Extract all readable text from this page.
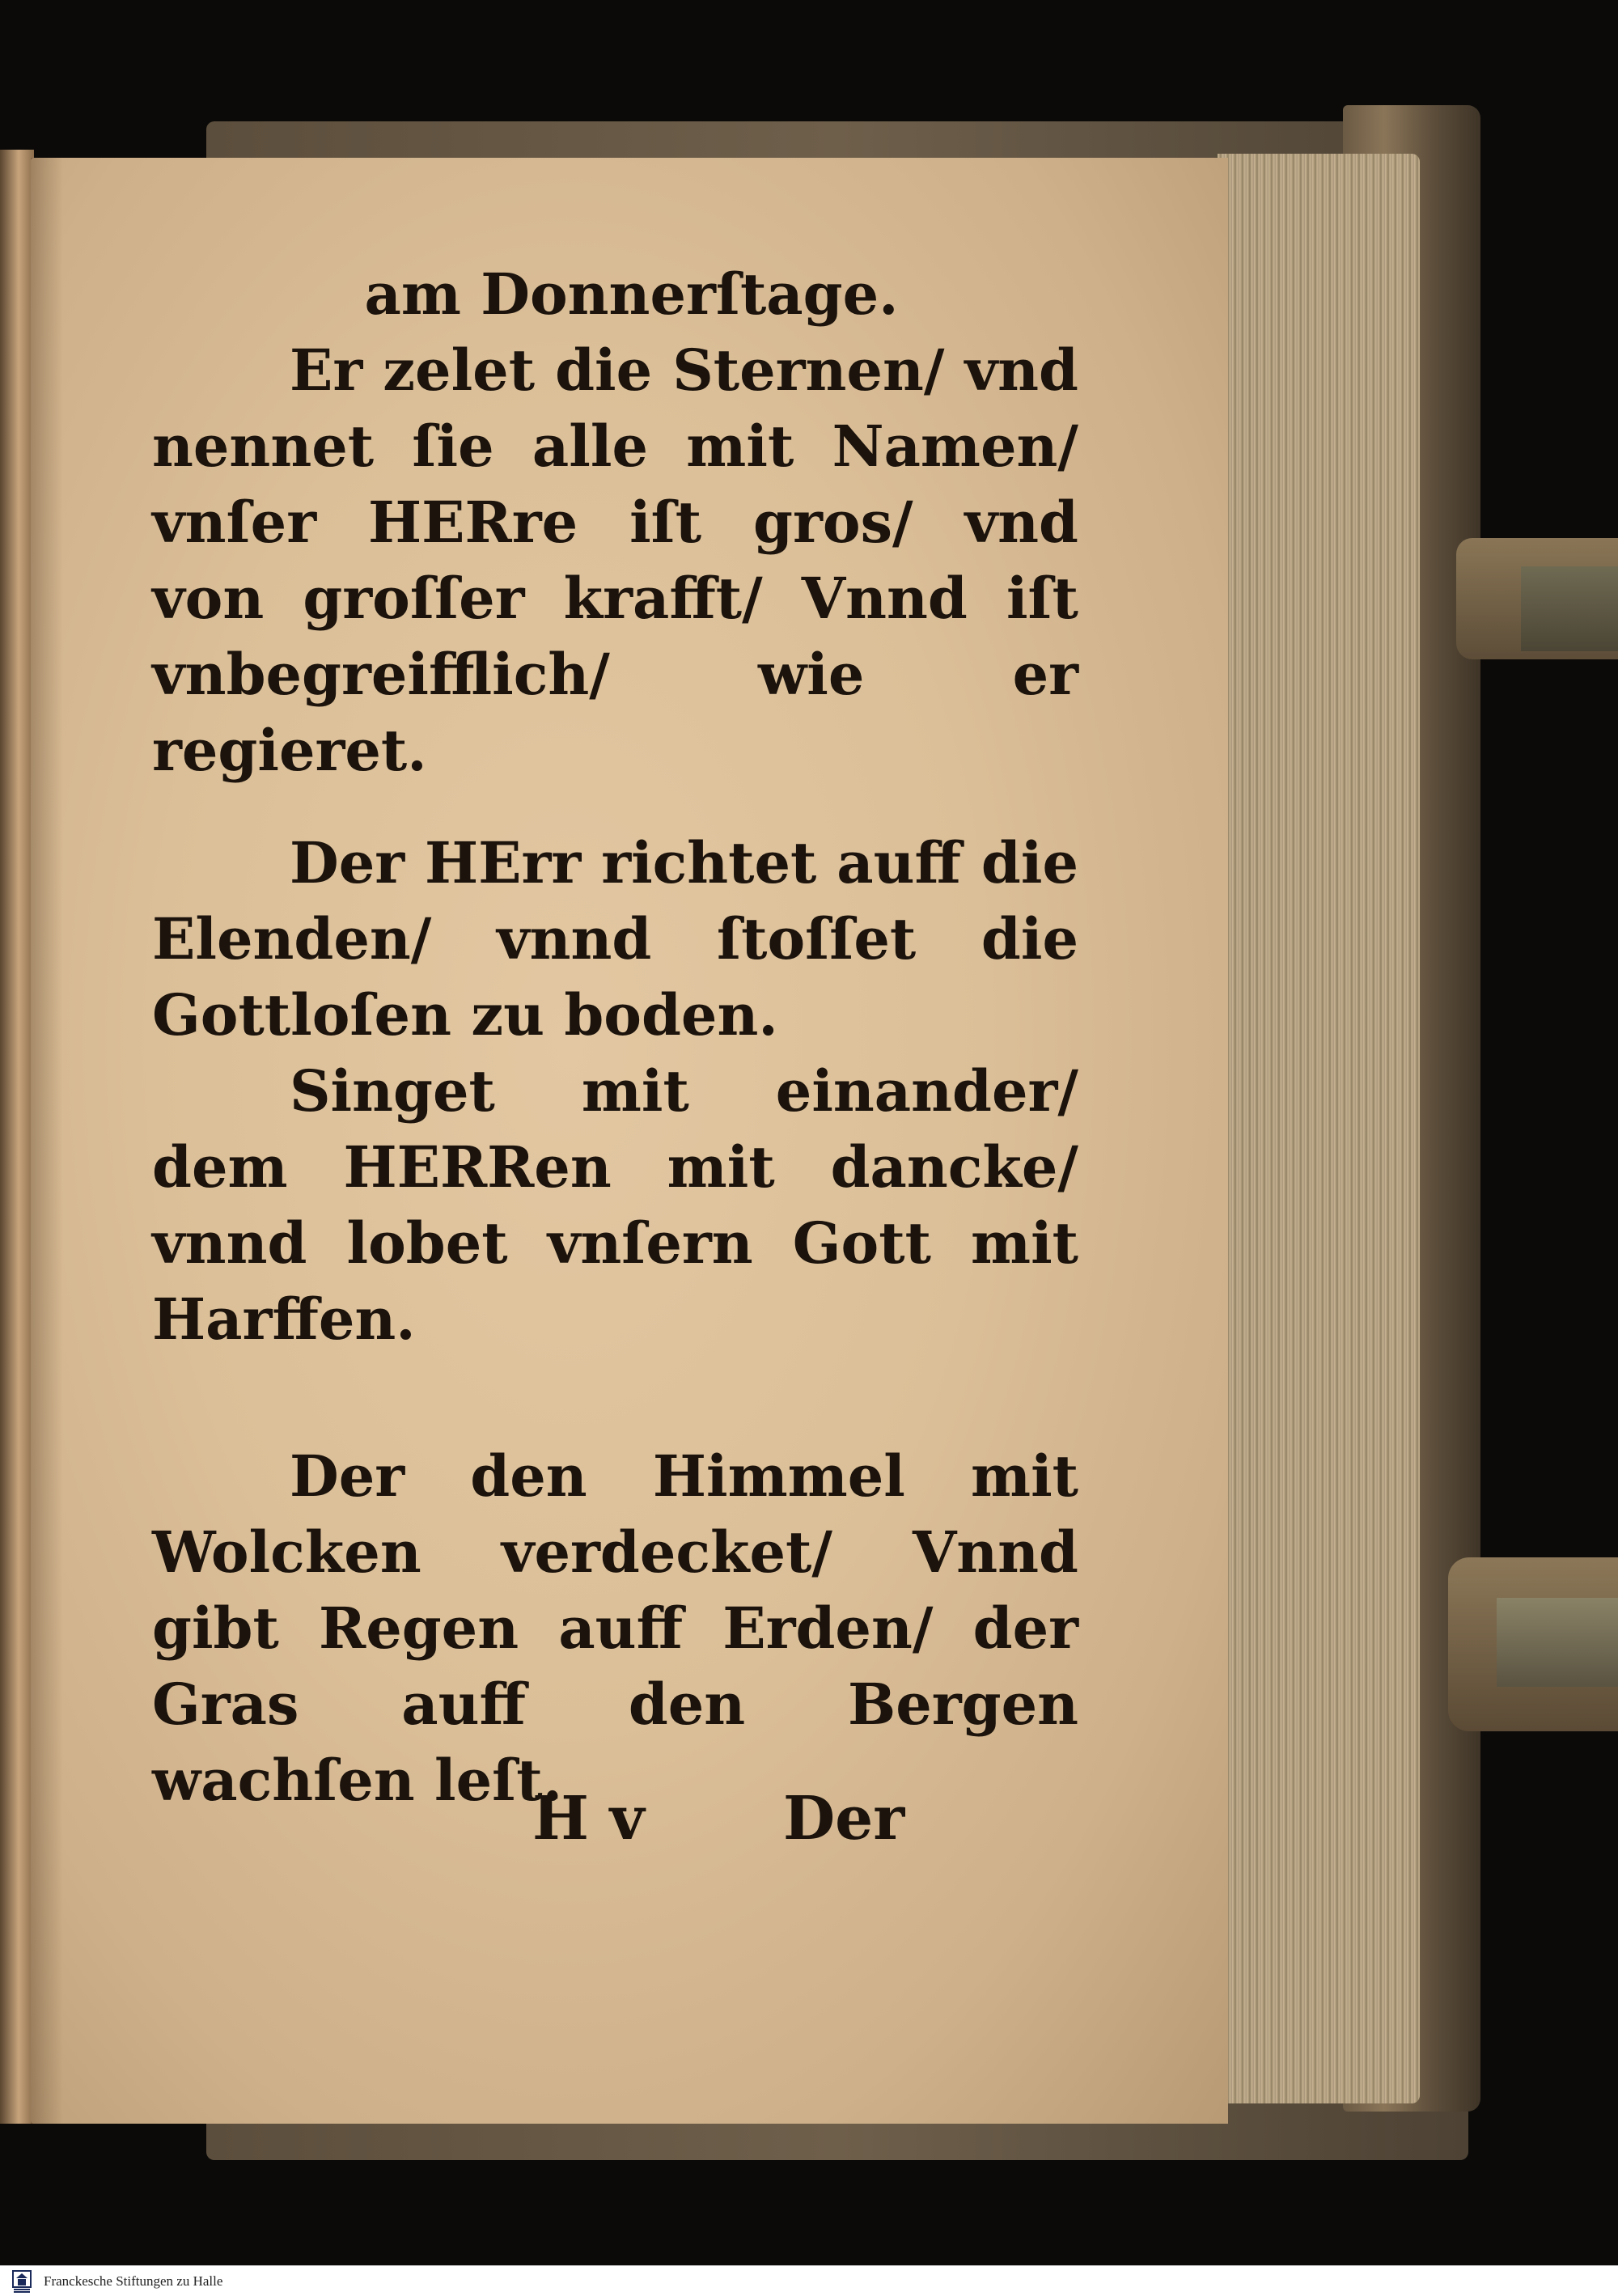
am Donnerſtage.
Er zelet die Sternen/ vnd nennet ſie alle mit Namen/ vnſer HERre iſt gros/ vnd von groſſer krafft/ Vnnd iſt vnbegreifflich/ wie er regieret.
Der HErr richtet auff die Elenden/ vnnd ſtoſſet die Gottloſen zu boden.
Singet mit einander/ dem HERRen mit dancke/ vnnd lobet vnſern Gott mit Harffen.
Der den Himmel mit Wolcken verdecket/ Vnnd gibt Regen auff Erden/ der Gras auff den Bergen wachſen leſt.
H v Der
Franckesche Stiftungen zu Halle
